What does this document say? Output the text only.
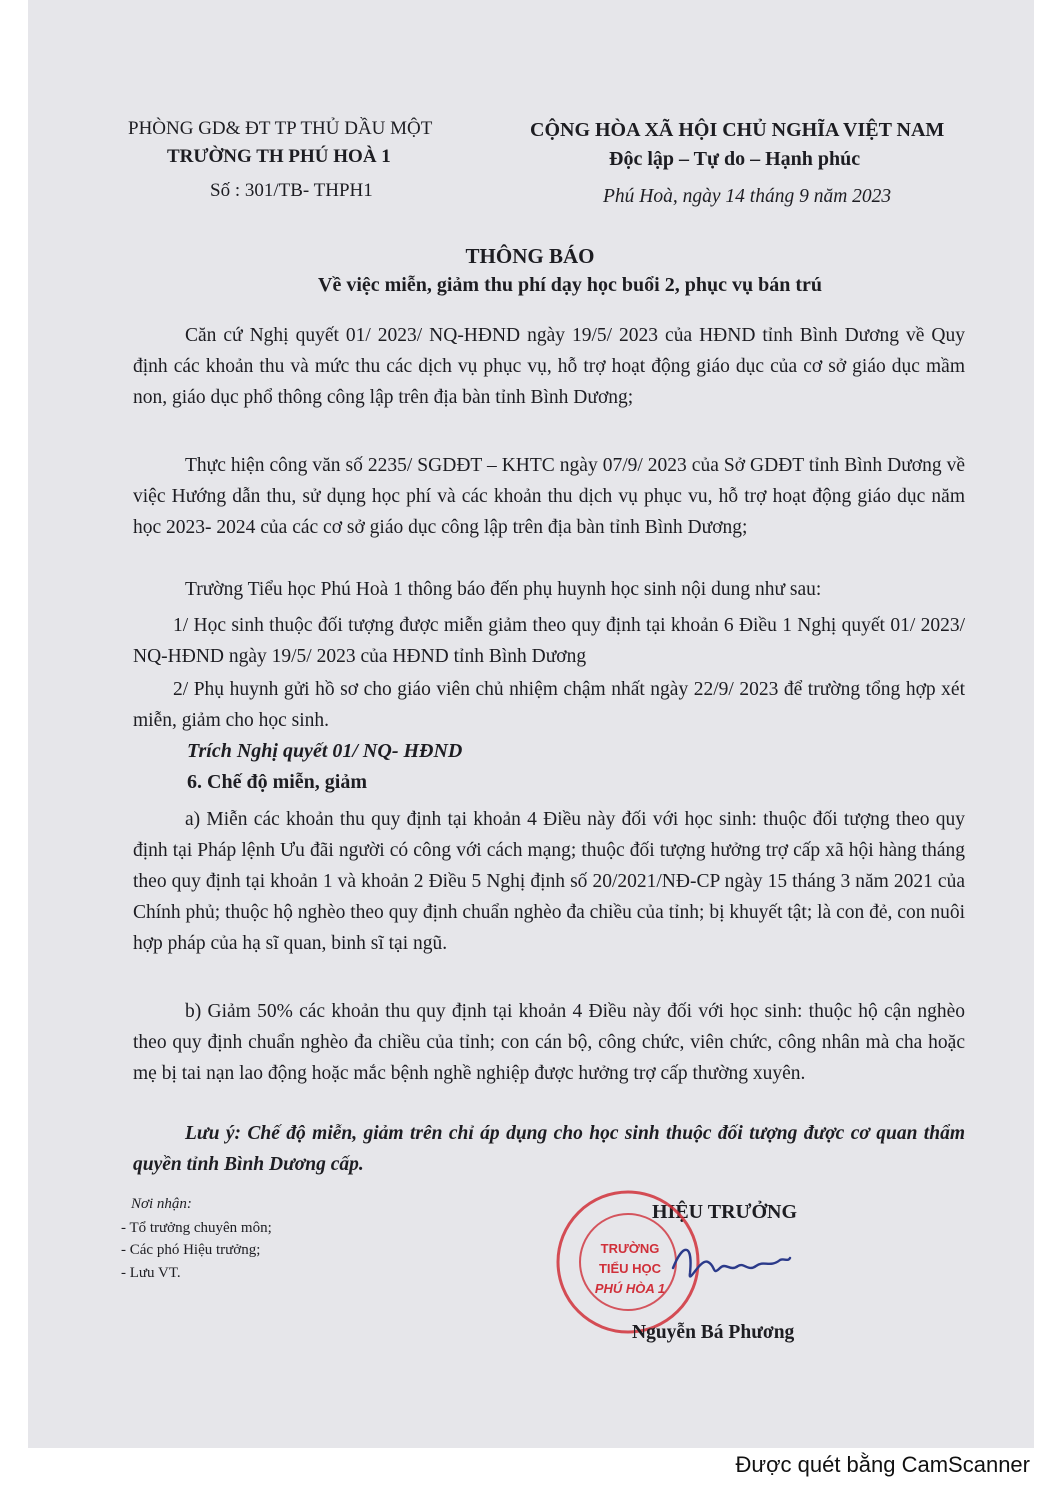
PHÒNG GD& ĐT TP THỦ DẦU MỘT
TRƯỜNG TH PHÚ HOÀ 1
Số : 301/TB- THPH1
CỘNG HÒA XÃ HỘI CHỦ NGHĨA VIỆT NAM
Độc lập – Tự do – Hạnh phúc
Phú Hoà, ngày 14 tháng 9 năm 2023
THÔNG BÁO
Về việc miễn, giảm thu phí dạy học buổi 2, phục vụ bán trú
Căn cứ Nghị quyết 01/ 2023/ NQ-HĐND ngày 19/5/ 2023 của HĐND tỉnh Bình Dương về Quy định các khoản thu và mức thu các dịch vụ phục vụ, hỗ trợ hoạt động giáo dục của cơ sở giáo dục mầm non, giáo dục phổ thông công lập trên địa bàn tỉnh Bình Dương;
Thực hiện công văn số 2235/ SGDĐT – KHTC ngày 07/9/ 2023 của Sở GDĐT tỉnh Bình Dương về việc Hướng dẫn thu, sử dụng học phí và các khoản thu dịch vụ phục vu, hỗ trợ hoạt động giáo dục năm học 2023- 2024 của các cơ sở giáo dục công lập trên địa bàn tỉnh Bình Dương;
Trường Tiểu học Phú Hoà 1 thông báo đến phụ huynh học sinh nội dung như sau:
1/ Học sinh thuộc đối tượng được miễn giảm theo quy định tại khoản 6 Điều 1 Nghị quyết 01/ 2023/ NQ-HĐND ngày 19/5/ 2023 của HĐND tỉnh Bình Dương
2/ Phụ huynh gửi hồ sơ cho giáo viên chủ nhiệm chậm nhất ngày 22/9/ 2023 để trường tổng hợp xét miễn, giảm cho học sinh.
Trích Nghị quyết 01/ NQ- HĐND
6. Chế độ miễn, giảm
a) Miễn các khoản thu quy định tại khoản 4 Điều này đối với học sinh: thuộc đối tượng theo quy định tại Pháp lệnh Ưu đãi người có công với cách mạng; thuộc đối tượng hưởng trợ cấp xã hội hàng tháng theo quy định tại khoản 1 và khoản 2 Điều 5 Nghị định số 20/2021/NĐ-CP ngày 15 tháng 3 năm 2021 của Chính phủ; thuộc hộ nghèo theo quy định chuẩn nghèo đa chiều của tỉnh; bị khuyết tật; là con đẻ, con nuôi hợp pháp của hạ sĩ quan, binh sĩ tại ngũ.
b) Giảm 50% các khoản thu quy định tại khoản 4 Điều này đối với học sinh: thuộc hộ cận nghèo theo quy định chuẩn nghèo đa chiều của tỉnh; con cán bộ, công chức, viên chức, công nhân mà cha hoặc mẹ bị tai nạn lao động hoặc mắc bệnh nghề nghiệp được hưởng trợ cấp thường xuyên.
Lưu ý: Chế độ miễn, giảm trên chỉ áp dụng cho học sinh thuộc đối tượng được cơ quan thẩm quyền tỉnh Bình Dương cấp.
Nơi nhận:
- Tổ trưởng chuyên môn;
- Các phó Hiệu trưởng;
- Lưu VT.
HIỆU TRƯỞNG
TRƯỜNG
TIỂU HỌC
PHÚ HÒA 1
Nguyễn Bá Phương
Được quét bằng CamScanner
